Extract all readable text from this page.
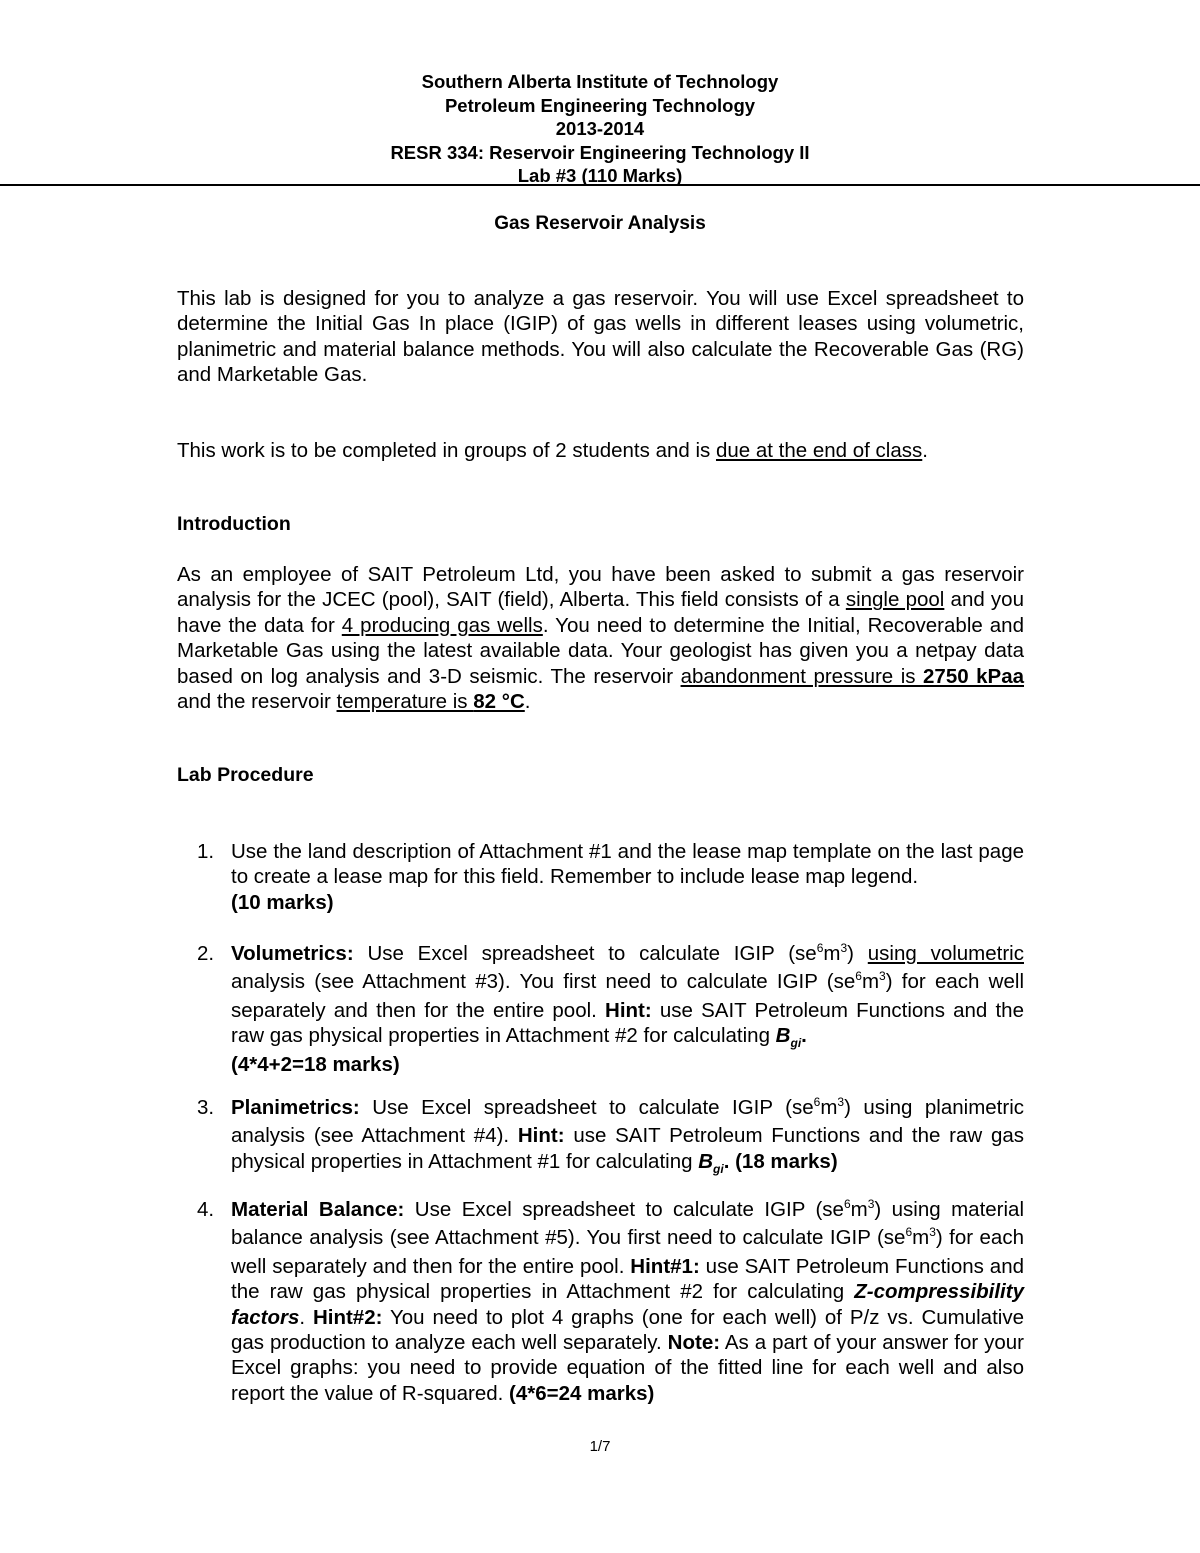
Southern Alberta Institute of Technology
Petroleum Engineering Technology
2013-2014
RESR 334: Reservoir Engineering Technology II
Lab #3 (110 Marks)
Gas Reservoir Analysis
This lab is designed for you to analyze a gas reservoir. You will use Excel spreadsheet to determine the Initial Gas In place (IGIP) of gas wells in different leases using volumetric, planimetric and material balance methods. You will also calculate the Recoverable Gas (RG) and Marketable Gas.
This work is to be completed in groups of 2 students and is due at the end of class.
Introduction
As an employee of SAIT Petroleum Ltd, you have been asked to submit a gas reservoir analysis for the JCEC (pool), SAIT (field), Alberta. This field consists of a single pool and you have the data for 4 producing gas wells. You need to determine the Initial, Recoverable and Marketable Gas using the latest available data. Your geologist has given you a netpay data based on log analysis and 3-D seismic. The reservoir abandonment pressure is 2750 kPaa and the reservoir temperature is 82 °C.
Lab Procedure
1. Use the land description of Attachment #1 and the lease map template on the last page to create a lease map for this field. Remember to include lease map legend.
(10 marks)
2. Volumetrics: Use Excel spreadsheet to calculate IGIP $(se^6m^3)$ using volumetric analysis (see Attachment #3). You first need to calculate IGIP $(se^6m^3)$ for each well separately and then for the entire pool. Hint: use SAIT Petroleum Functions and the raw gas physical properties in Attachment #2 for calculating $B_{gi}$.
(4*4+2=18 marks)
3. Planimetrics: Use Excel spreadsheet to calculate IGIP $(se^6m^3)$ using planimetric analysis (see Attachment #4). Hint: use SAIT Petroleum Functions and the raw gas physical properties in Attachment #1 for calculating $B_{gi}$. (18 marks)
4. Material Balance: Use Excel spreadsheet to calculate IGIP $(se^6m^3)$ using material balance analysis (see Attachment #5). You first need to calculate IGIP $(se^6m^3)$ for each well separately and then for the entire pool. Hint#1: use SAIT Petroleum Functions and the raw gas physical properties in Attachment #2 for calculating Z-compressibility factors. Hint#2: You need to plot 4 graphs (one for each well) of P/z vs. Cumulative gas production to analyze each well separately. Note: As a part of your answer for your Excel graphs: you need to provide equation of the fitted line for each well and also report the value of R-squared. (4*6=24 marks)
1/7
